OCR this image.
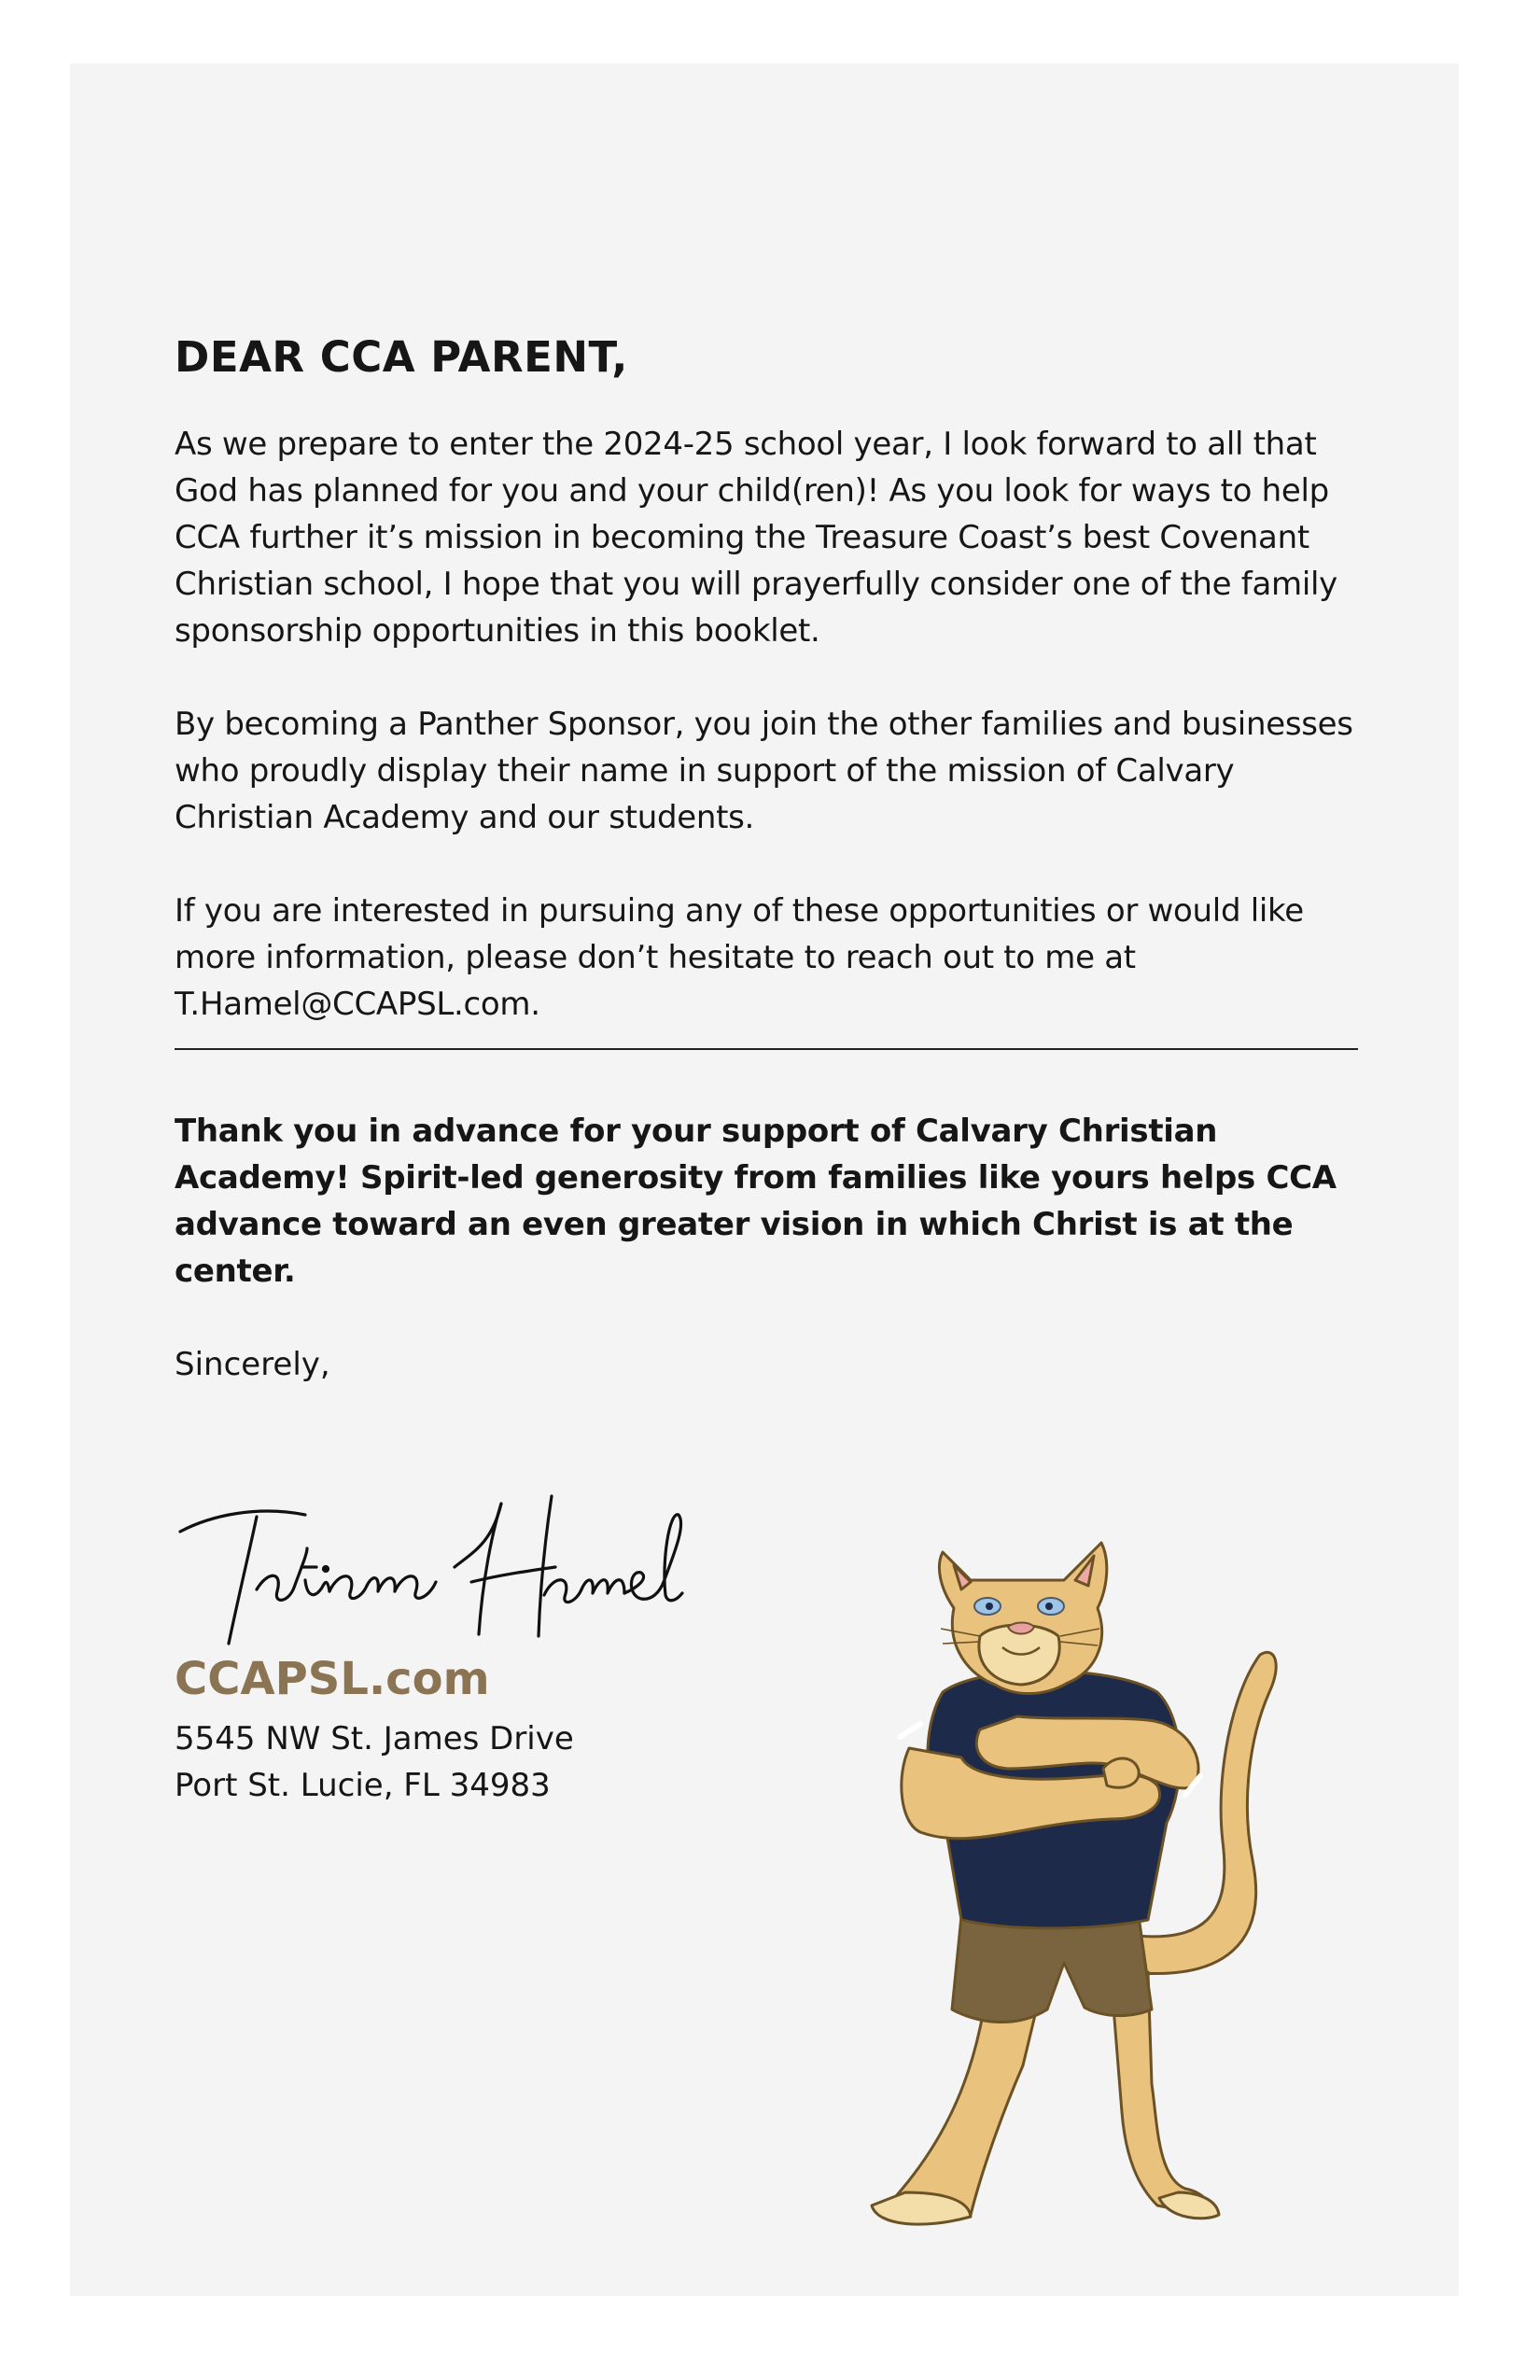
DEAR CCA PARENT,

As we prepare to enter the 2024-25 school year, I look forward to all that God has planned for you and your child(ren)! As you look for ways to help CCA further it’s mission in becoming the Treasure Coast’s best Covenant Christian school, I hope that you will prayerfully consider one of the family sponsorship opportunities in this booklet.

By becoming a Panther Sponsor, you join the other families and businesses who proudly display their name in support of the mission of Calvary Christian Academy and our students.

If you are interested in pursuing any of these opportunities or would like more information, please don’t hesitate to reach out to me at T.Hamel@CCAPSL.com.

Thank you in advance for your support of Calvary Christian Academy! Spirit-led generosity from families like yours helps CCA advance toward an even greater vision in which Christ is at the center.

Sincerely,

CCAPSL.com
5545 NW St. James Drive
Port St. Lucie, FL 34983
